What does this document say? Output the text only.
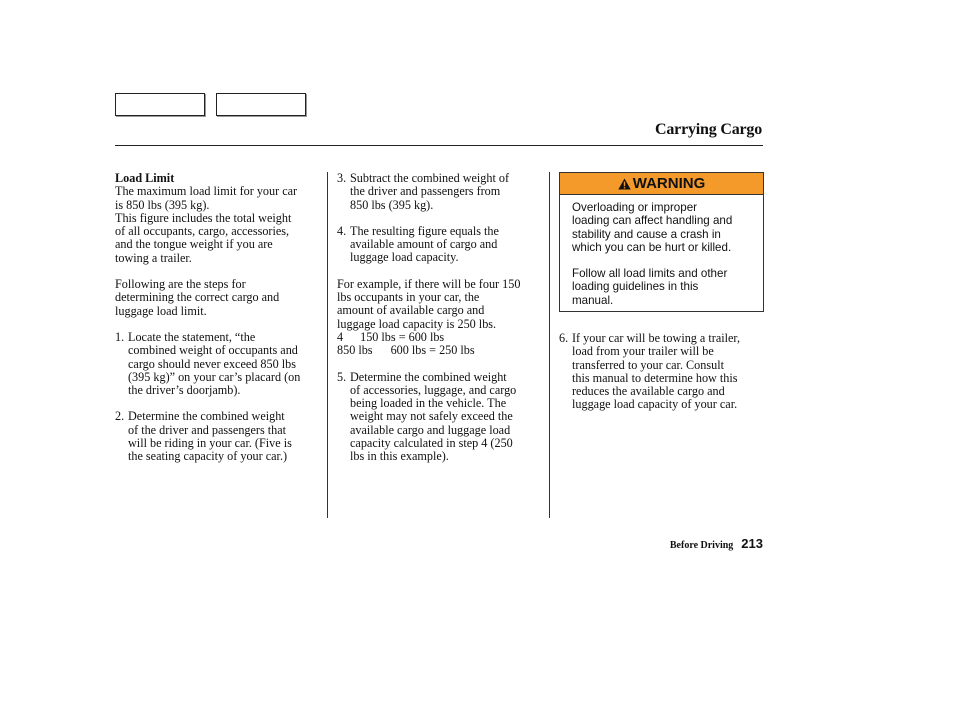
Carrying Cargo
Load Limit

The maximum load limit for your car
is 850 lbs (395 kg).
This figure includes the total weight
of all occupants, cargo, accessories,
and the tongue weight if you are
towing a trailer.

Following are the steps for
determining the correct cargo and
luggage load limit.

1. Locate the statement, “the
combined weight of occupants and
cargo should never exceed 850 lbs
(395 kg)” on your car’s placard (on
the driver’s doorjamb).
2. Determine the combined weight
of the driver and passengers that
will be riding in your car. (Five is
the seating capacity of your car.)
3. Subtract the combined weight of
the driver and passengers from
850 lbs (395 kg).
4. The resulting figure equals the
available amount of cargo and
luggage load capacity.

For example, if there will be four 150
lbs occupants in your car, the
amount of available cargo and
luggage load capacity is 250 lbs.
4 150 lbs = 600 lbs
850 lbs 600 lbs = 250 lbs

5. Determine the combined weight
of accessories, luggage, and cargo
being loaded in the vehicle. The
weight may not safely exceed the
available cargo and luggage load
capacity calculated in step 4 (250
lbs in this example).
WARNING

Overloading or improper
loading can affect handling and
stability and cause a crash in
which you can be hurt or killed.

Follow all load limits and other
loading guidelines in this
manual.

6. If your car will be towing a trailer,
load from your trailer will be
transferred to your car. Consult
this manual to determine how this
reduces the available cargo and
luggage load capacity of your car.
Before Driving 213
